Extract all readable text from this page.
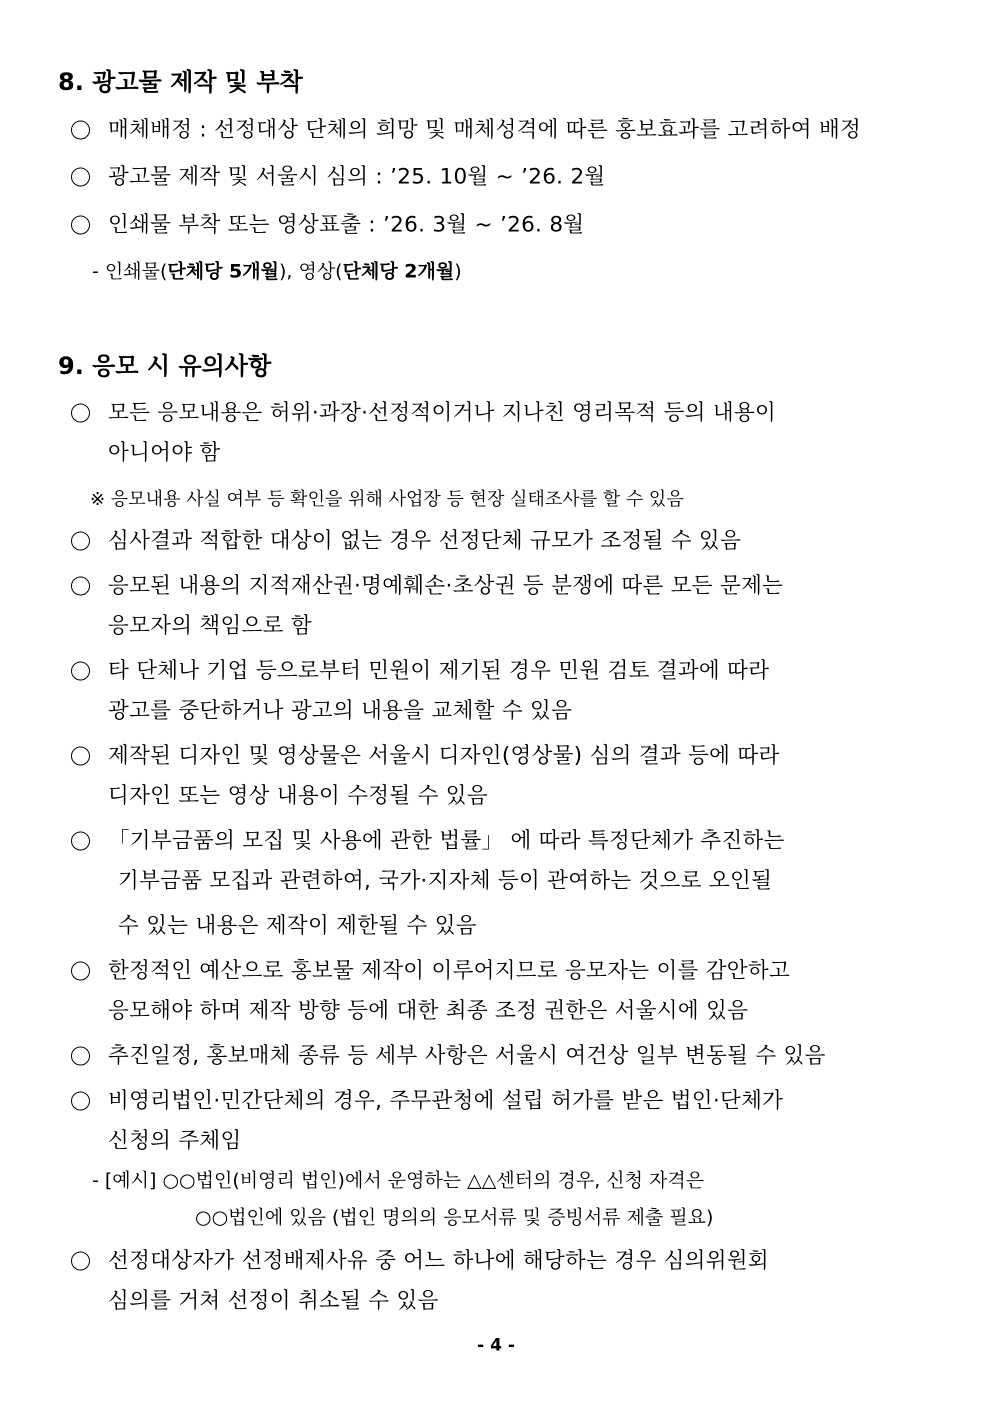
8. 광고물 제작 및 부착
매체배정 : 선정대상 단체의 희망 및 매체성격에 따른 홍보효과를 고려하여 배정
광고물 제작 및 서울시 심의 : ’25. 10월 ~ ’26. 2월
인쇄물 부착 또는 영상표출 : ’26. 3월 ~ ’26. 8월
- 인쇄물(단체당 5개월), 영상(단체당 2개월)
9. 응모 시 유의사항
모든 응모내용은 허위·과장·선정적이거나 지나친 영리목적 등의 내용이
아니어야 함
※ 응모내용 사실 여부 등 확인을 위해 사업장 등 현장 실태조사를 할 수 있음
심사결과 적합한 대상이 없는 경우 선정단체 규모가 조정될 수 있음
응모된 내용의 지적재산권·명예훼손·초상권 등 분쟁에 따른 모든 문제는
응모자의 책임으로 함
타 단체나 기업 등으로부터 민원이 제기된 경우 민원 검토 결과에 따라
광고를 중단하거나 광고의 내용을 교체할 수 있음
제작된 디자인 및 영상물은 서울시 디자인(영상물) 심의 결과 등에 따라
디자인 또는 영상 내용이 수정될 수 있음
「기부금품의 모집 및 사용에 관한 법률」 에 따라 특정단체가 추진하는
기부금품 모집과 관련하여, 국가·지자체 등이 관여하는 것으로 오인될
수 있는 내용은 제작이 제한될 수 있음
한정적인 예산으로 홍보물 제작이 이루어지므로 응모자는 이를 감안하고
응모해야 하며 제작 방향 등에 대한 최종 조정 권한은 서울시에 있음
추진일정, 홍보매체 종류 등 세부 사항은 서울시 여건상 일부 변동될 수 있음
비영리법인·민간단체의 경우, 주무관청에 설립 허가를 받은 법인·단체가
신청의 주체임
- [예시] ○○법인(비영리 법인)에서 운영하는 △△센터의 경우, 신청 자격은
○○법인에 있음 (법인 명의의 응모서류 및 증빙서류 제출 필요)
선정대상자가 선정배제사유 중 어느 하나에 해당하는 경우 심의위원회
심의를 거쳐 선정이 취소될 수 있음
- 4 -
